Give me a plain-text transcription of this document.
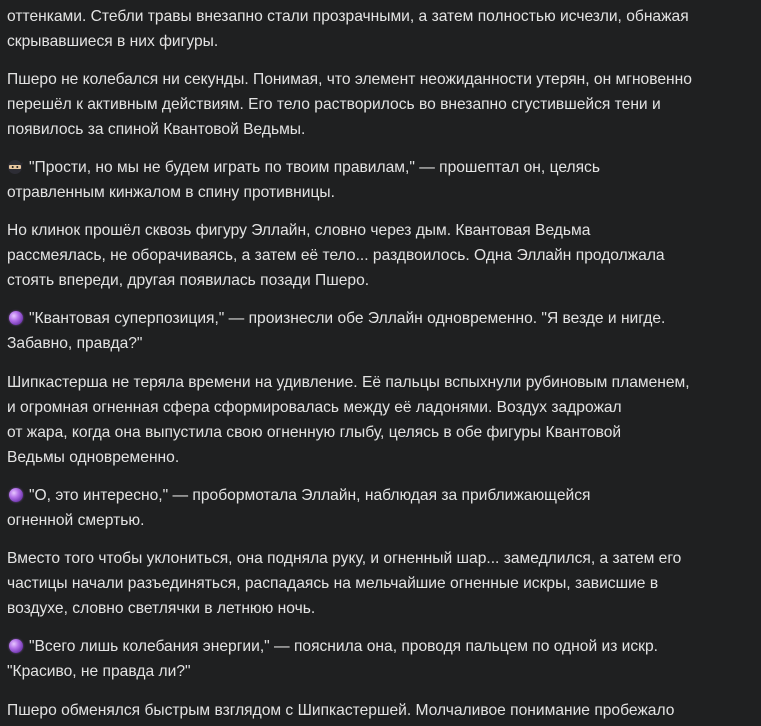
оттенками. Стебли травы внезапно стали прозрачными, а затем полностью исчезли, обнажая
скрывавшиеся в них фигуры.

Пшеро не колебался ни секунды. Понимая, что элемент неожиданности утерян, он мгновенно
перешёл к активным действиям. Его тело растворилось во внезапно сгустившейся тени и
появилось за спиной Квантовой Ведьмы.

"Прости, но мы не будем играть по твоим правилам," — прошептал он, целясь
отравленным кинжалом в спину противницы.

Но клинок прошёл сквозь фигуру Эллайн, словно через дым. Квантовая Ведьма
рассмеялась, не оборачиваясь, а затем её тело... раздвоилось. Одна Эллайн продолжала
стоять впереди, другая появилась позади Пшеро.

"Квантовая суперпозиция," — произнесли обе Эллайн одновременно. "Я везде и нигде.
Забавно, правда?"

Шипкастерша не теряла времени на удивление. Её пальцы вспыхнули рубиновым пламенем,
и огромная огненная сфера сформировалась между её ладонями. Воздух задрожал
от жара, когда она выпустила свою огненную глыбу, целясь в обе фигуры Квантовой
Ведьмы одновременно.

"О, это интересно," — пробормотала Эллайн, наблюдая за приближающейся
огненной смертью.

Вместо того чтобы уклониться, она подняла руку, и огненный шар... замедлился, а затем его
частицы начали разъединяться, распадаясь на мельчайшие огненные искры, зависшие в
воздухе, словно светлячки в летнюю ночь.

"Всего лишь колебания энергии," — пояснила она, проводя пальцем по одной из искр.
"Красиво, не правда ли?"

Пшеро обменялся быстрым взглядом с Шипкастершей. Молчаливое понимание пробежало
